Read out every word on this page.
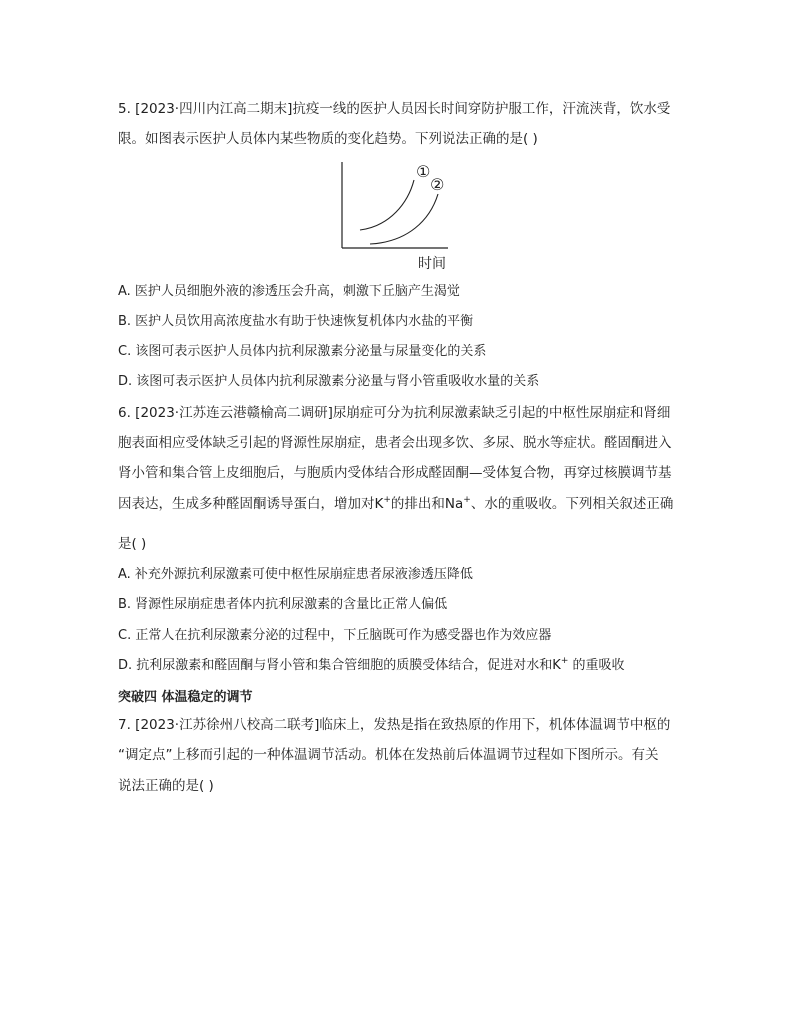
5. [2023·四川内江高二期末]抗疫一线的医护人员因长时间穿防护服工作，汗流浃背，饮水受
限。如图表示医护人员体内某些物质的变化趋势。下列说法正确的是( )
①
②
时间
A. 医护人员细胞外液的渗透压会升高，刺激下丘脑产生渴觉
B. 医护人员饮用高浓度盐水有助于快速恢复机体内水盐的平衡
C. 该图可表示医护人员体内抗利尿激素分泌量与尿量变化的关系
D. 该图可表示医护人员体内抗利尿激素分泌量与肾小管重吸收水量的关系
6. [2023·江苏连云港赣榆高二调研]尿崩症可分为抗利尿激素缺乏引起的中枢性尿崩症和肾细
胞表面相应受体缺乏引起的肾源性尿崩症，患者会出现多饮、多尿、脱水等症状。醛固酮进入
肾小管和集合管上皮细胞后，与胞质内受体结合形成醛固酮—受体复合物，再穿过核膜调节基
因表达，生成多种醛固酮诱导蛋白，增加对K+的排出和Na+、水的重吸收。下列相关叙述正确
是( )
A. 补充外源抗利尿激素可使中枢性尿崩症患者尿液渗透压降低
B. 肾源性尿崩症患者体内抗利尿激素的含量比正常人偏低
C. 正常人在抗利尿激素分泌的过程中，下丘脑既可作为感受器也作为效应器
D. 抗利尿激素和醛固酮与肾小管和集合管细胞的质膜受体结合，促进对水和K+ 的重吸收
突破四 体温稳定的调节
7. [2023·江苏徐州八校高二联考]临床上，发热是指在致热原的作用下，机体体温调节中枢的
“调定点”上移而引起的一种体温调节活动。机体在发热前后体温调节过程如下图所示。有关
说法正确的是( )
